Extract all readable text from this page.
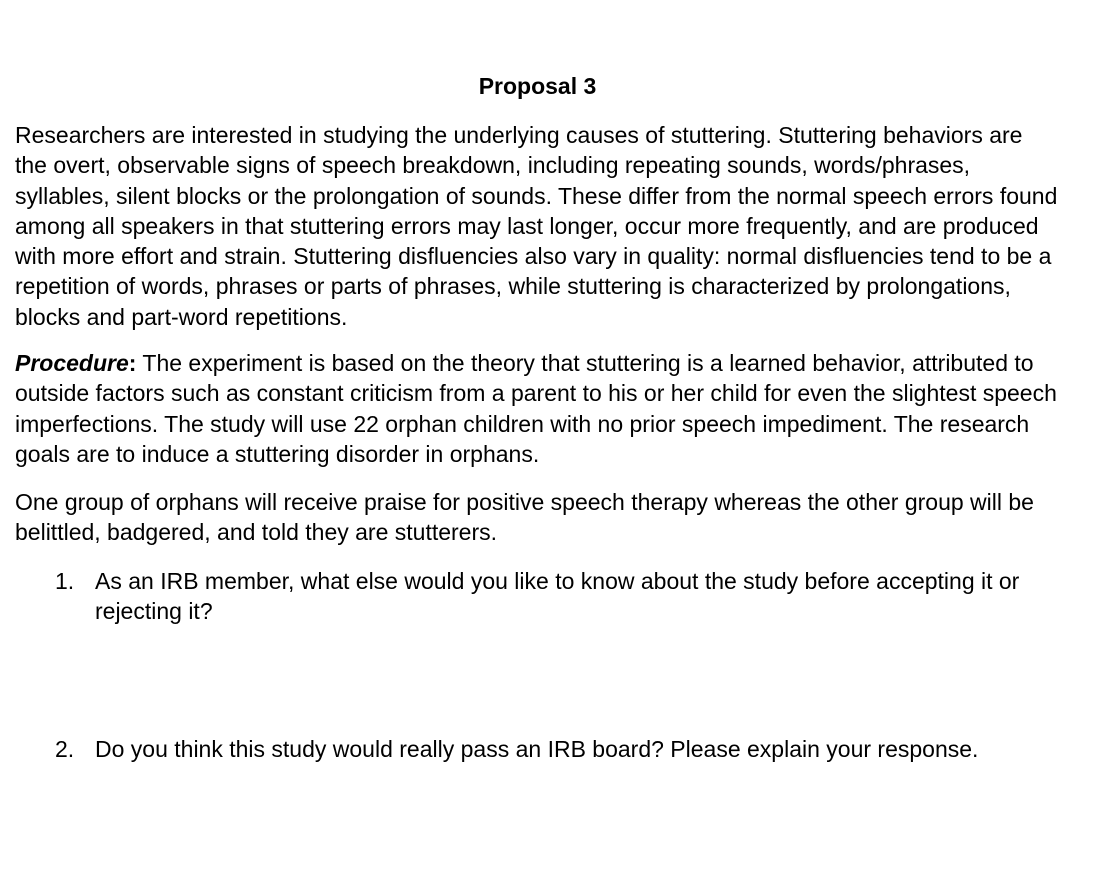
Proposal 3

Researchers are interested in studying the underlying causes of stuttering. Stuttering behaviors are the overt, observable signs of speech breakdown, including repeating sounds, words/phrases, syllables, silent blocks or the prolongation of sounds. These differ from the normal speech errors found among all speakers in that stuttering errors may last longer, occur more frequently, and are produced with more effort and strain. Stuttering disfluencies also vary in quality: normal disfluencies tend to be a repetition of words, phrases or parts of phrases, while stuttering is characterized by prolongations, blocks and part-word repetitions.

Procedure: The experiment is based on the theory that stuttering is a learned behavior, attributed to outside factors such as constant criticism from a parent to his or her child for even the slightest speech imperfections. The study will use 22 orphan children with no prior speech impediment. The research goals are to induce a stuttering disorder in orphans.

One group of orphans will receive praise for positive speech therapy whereas the other group will be belittled, badgered, and told they are stutterers.

1. As an IRB member, what else would you like to know about the study before accepting it or rejecting it?
2. Do you think this study would really pass an IRB board? Please explain your response.
